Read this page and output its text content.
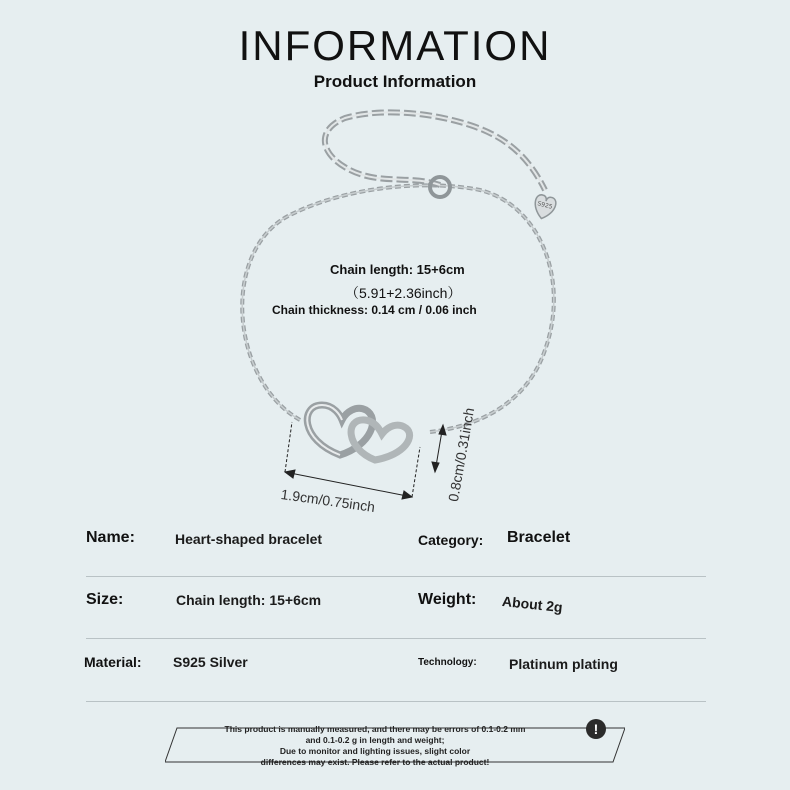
INFORMATION
Product Information
S925
Chain length: 15+6cm
（5.91+2.36inch）
Chain thickness: 0.14 cm / 0.06 inch
1.9cm/0.75inch	0.8cm/0.31inch
Name:	Heart-shaped bracelet	Category: Bracelet
Size:	Chain length: 15+6cm	Weight: About 2g
Material: S925 Silver	Technology: Platinum plating
This product is manually measured, and there may be errors of 0.1-0.2 mm
and 0.1-0.2 g in length and weight;
Due to monitor and lighting issues, slight color
differences may exist. Please refer to the actual product!
!
